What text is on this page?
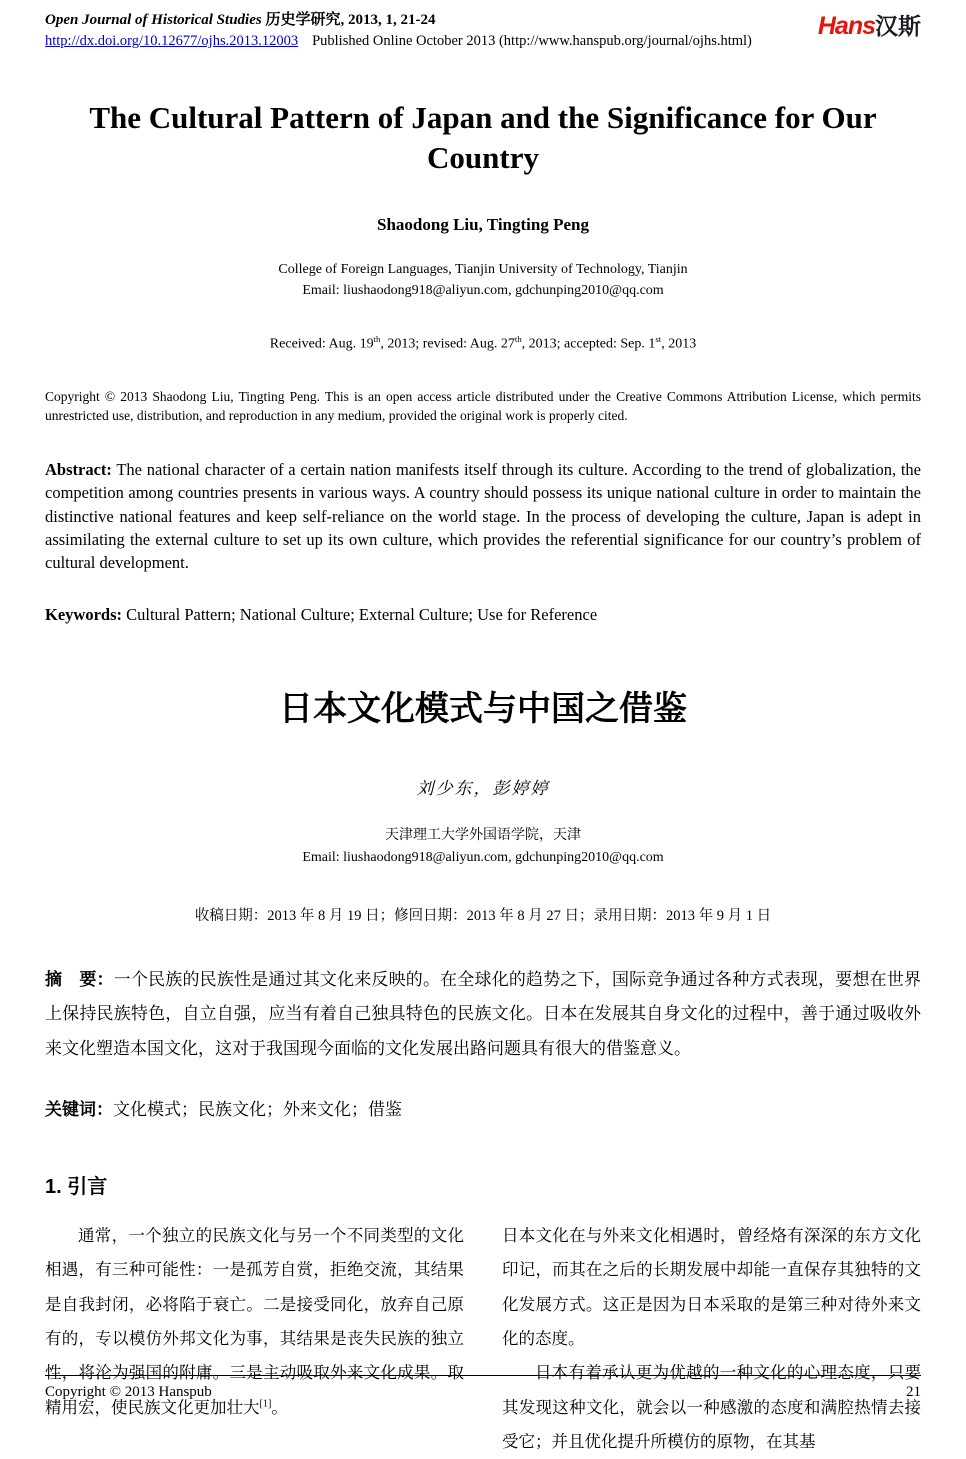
Open Journal of Historical Studies 历史学研究, 2013, 1, 21-24
http://dx.doi.org/10.12677/ojhs.2013.12003 Published Online October 2013 (http://www.hanspub.org/journal/ojhs.html)
Hans汉斯
The Cultural Pattern of Japan and the Significance for Our Country
Shaodong Liu, Tingting Peng
College of Foreign Languages, Tianjin University of Technology, Tianjin
Email: liushaodong918@aliyun.com, gdchunping2010@qq.com
Received: Aug. 19th, 2013; revised: Aug. 27th, 2013; accepted: Sep. 1st, 2013
Copyright © 2013 Shaodong Liu, Tingting Peng. This is an open access article distributed under the Creative Commons Attribution License, which permits unrestricted use, distribution, and reproduction in any medium, provided the original work is properly cited.
Abstract: The national character of a certain nation manifests itself through its culture. According to the trend of globalization, the competition among countries presents in various ways. A country should possess its unique national culture in order to maintain the distinctive national features and keep self-reliance on the world stage. In the process of developing the culture, Japan is adept in assimilating the external culture to set up its own culture, which provides the referential significance for our country’s problem of cultural development.
Keywords: Cultural Pattern; National Culture; External Culture; Use for Reference
日本文化模式与中国之借鉴
刘少东，彭婷婷
天津理工大学外国语学院，天津
Email: liushaodong918@aliyun.com, gdchunping2010@qq.com
收稿日期：2013 年 8 月 19 日；修回日期：2013 年 8 月 27 日；录用日期：2013 年 9 月 1 日
摘　要：一个民族的民族性是通过其文化来反映的。在全球化的趋势之下，国际竞争通过各种方式表现，要想在世界上保持民族特色，自立自强，应当有着自己独具特色的民族文化。日本在发展其自身文化的过程中，善于通过吸收外来文化塑造本国文化，这对于我国现今面临的文化发展出路问题具有很大的借鉴意义。
关键词：文化模式；民族文化；外来文化；借鉴
1. 引言

通常，一个独立的民族文化与另一个不同类型的文化相遇，有三种可能性：一是孤芳自赏，拒绝交流，其结果是自我封闭，必将陷于衰亡。二是接受同化，放弃自己原有的，专以模仿外邦文化为事，其结果是丧失民族的独立性，将沦为强国的附庸。三是主动吸取外来文化成果。取精用宏，使民族文化更加壮大[1]。

日本文化在与外来文化相遇时，曾经烙有深深的东方文化印记，而其在之后的长期发展中却能一直保存其独特的文化发展方式。这正是因为日本采取的是第三种对待外来文化的态度。

日本有着承认更为优越的一种文化的心理态度，只要其发现这种文化，就会以一种感激的态度和满腔热情去接受它；并且优化提升所模仿的原物，在其基

Copyright © 2013 Hanspub	21
